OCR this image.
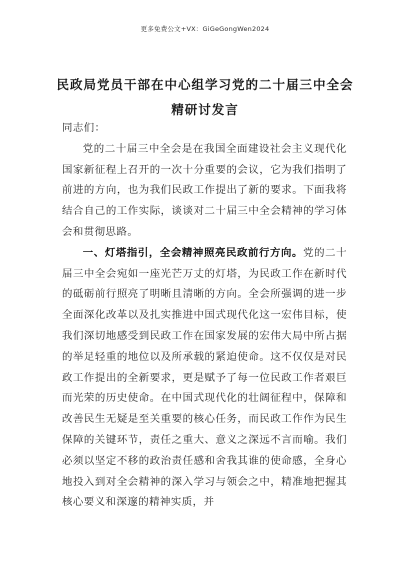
更多免费公文+VX：GiGeGongWen2024
民政局党员干部在中心组学习党的二十届三中全会精研讨发言

同志们：

党的二十届三中全会是在我国全面建设社会主义现代化国家新征程上召开的一次十分重要的会议，它为我们指明了前进的方向，也为我们民政工作提出了新的要求。下面我将结合自己的工作实际，谈谈对二十届三中全会精神的学习体会和贯彻思路。

一、灯塔指引，全会精神照亮民政前行方向。党的二十届三中全会宛如一座光芒万丈的灯塔，为民政工作在新时代的砥砺前行照亮了明晰且清晰的方向。全会所强调的进一步全面深化改革以及扎实推进中国式现代化这一宏伟目标，使我们深切地感受到民政工作在国家发展的宏伟大局中所占据的举足轻重的地位以及所承载的紧迫使命。这不仅仅是对民政工作提出的全新要求，更是赋予了每一位民政工作者艰巨而光荣的历史使命。在中国式现代化的壮阔征程中，保障和改善民生无疑是至关重要的核心任务，而民政工作作为民生保障的关键环节，责任之重大、意义之深远不言而喻。我们必须以坚定不移的政治责任感和舍我其谁的使命感，全身心地投入到对全会精神的深入学习与领会之中，精准地把握其核心要义和深邃的精神实质，并
